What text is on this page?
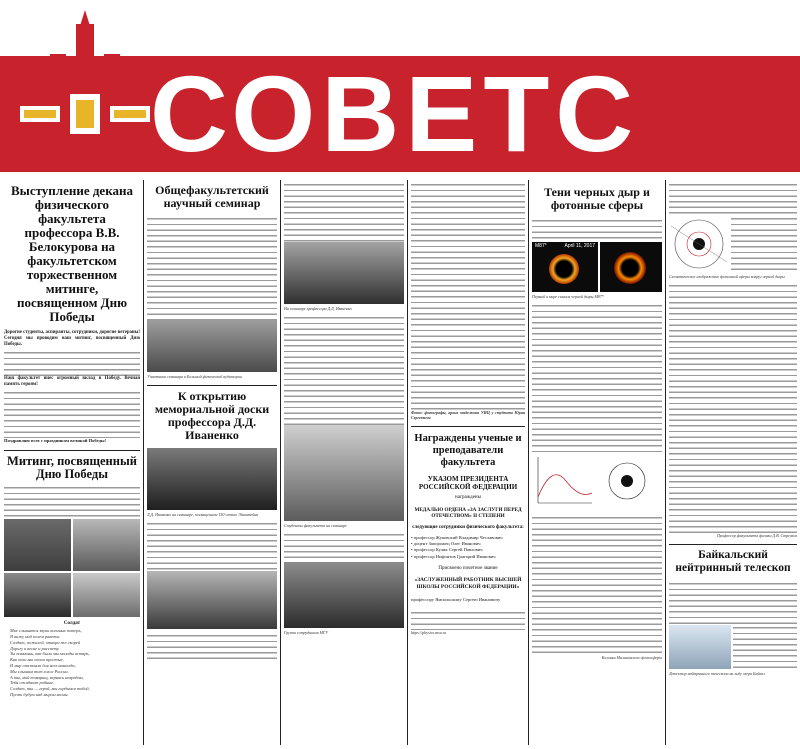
СОВЕТС
Выступление декана физического факультета профессора В.В. Белокурова на факультетском торжественном митинге, посвященном Дню Победы
Дорогие студенты, аспиранты, сотрудники, дорогие ветераны! Сегодня мы проводим наш митинг, посвященный Дню Победы.
Наш факультет внес огромный вклад в Победу. Вечная память героям!
Поздравляю всех с праздником великой Победы!
Митинг, посвященный Дню Победы
Солдат
Мне слышатся звуки военных потерь,
Я вижу над полем ракеты.
Солдат, пожалей, отвори же скорей
Дорогу к весне и рассвету.
Ты помнишь, как были мы молоды встарь,
Как пели мы песни простые,
И мир отстояли для всех навсегда,
Мы слышим тот голос России.
А ты, мой товарищ, вернись невредим,
Тебя ожидают родные.
Солдат, ты — герой, мы гордимся тобой,
Пусть будут над миром весны.
Общефакультетский научный семинар
Участники семинара в Большой физической аудитории
К открытию мемориальной доски профессора Д.Д. Иваненко
Д.Д. Иваненко на семинаре, посвященном 150-летию Эйнштейна
На семинаре профессора Д.Д. Иваненко
Студенты факультета на семинаре
Группа сотрудников МГУ
Фото: фотографы, архив отделения УИЦ у студента Юрия Сергеевича
Награждены ученые и преподаватели факультета
УКАЗОМ ПРЕЗИДЕНТА РОССИЙСКОЙ ФЕДЕРАЦИИ
награждены
МЕДАЛЬЮ ОРДЕНА «ЗА ЗАСЛУГИ ПЕРЕД ОТЕЧЕСТВОМ» II СТЕПЕНИ
следующие сотрудники физического факультета:
• профессор Жуковский Владимир Чеславович
• доцент Запорожец Олег Иванович
• профессор Кулик Сергей Павлович
• профессор Нифонтов Григорий Иванович
Присвоено почетное звание
«ЗАСЛУЖЕННЫЙ РАБОТНИК ВЫСШЕЙ ШКОЛЫ РОССИЙСКОЙ ФЕДЕРАЦИИ»
профессору Ямпольскому Сергею Ивановичу
https://physics.msu.ru
Тени черных дыр и фотонные сферы
M87*	April 11, 2017
Первый в мире снимок черной дыры M87*
Колонка Малиновского фотосферы
Схематическое изображение фотонной сферы вокруг черной дыры
Профессор факультета физики Д.В. Стрелков
Байкальский нейтринный телескоп
Детектор нейтринного телескопа на льду озера Байкал
